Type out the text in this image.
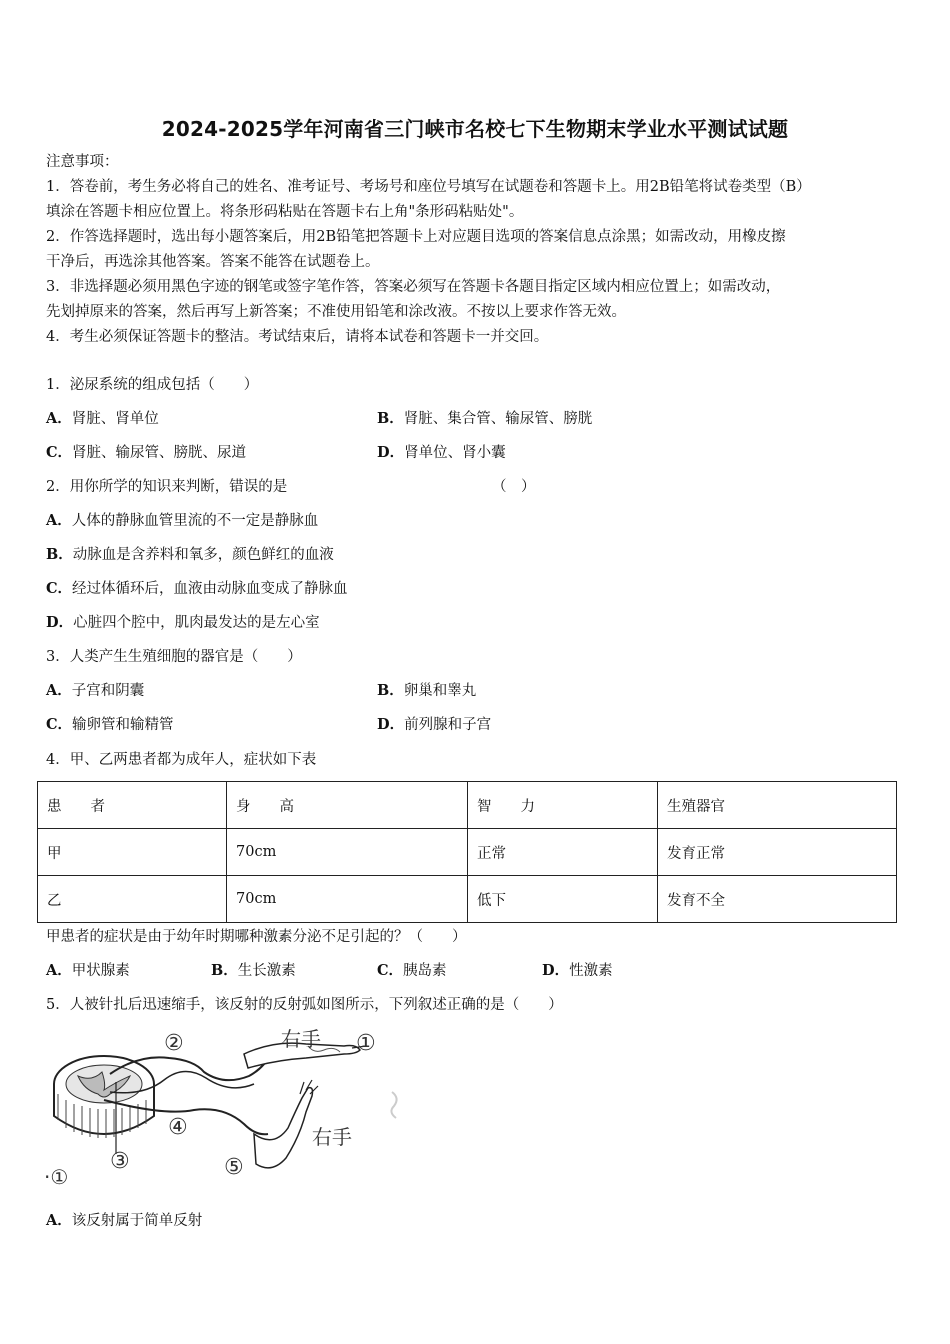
2024-2025学年河南省三门峡市名校七下生物期末学业水平测试试题
注意事项：
1．答卷前，考生务必将自己的姓名、准考证号、考场号和座位号填写在试题卷和答题卡上。用2B铅笔将试卷类型（B）
填涂在答题卡相应位置上。将条形码粘贴在答题卡右上角"条形码粘贴处"。
2．作答选择题时，选出每小题答案后，用2B铅笔把答题卡上对应题目选项的答案信息点涂黑；如需改动，用橡皮擦
干净后，再选涂其他答案。答案不能答在试题卷上。
3．非选择题必须用黑色字迹的钢笔或签字笔作答，答案必须写在答题卡各题目指定区域内相应位置上；如需改动，
先划掉原来的答案，然后再写上新答案；不准使用铅笔和涂改液。不按以上要求作答无效。
4．考生必须保证答题卡的整洁。考试结束后，请将本试卷和答题卡一并交回。
1．泌尿系统的组成包括（　　）
A．肾脏、肾单位	B．肾脏、集合管、输尿管、膀胱
C．肾脏、输尿管、膀胱、尿道	D．肾单位、肾小囊
2．用你所学的知识来判断，错误的是	（　）
A．人体的静脉血管里流的不一定是静脉血
B．动脉血是含养料和氧多，颜色鲜红的血液
C．经过体循环后，血液由动脉血变成了静脉血
D．心脏四个腔中，肌肉最发达的是左心室
3．人类产生生殖细胞的器官是（　　）
A．子宫和阴囊	B．卵巢和睾丸
C．输卵管和输精管	D．前列腺和子宫
4．甲、乙两患者都为成年人，症状如下表
患　　者	身　　高	智　　力	生殖器官
甲	70cm	正常	发育正常
乙	70cm	低下	发育不全
甲患者的症状是由于幼年时期哪种激素分泌不足引起的？（　　）
A．甲状腺素	B．生长激素	C．胰岛素	D．性激素
5．人被针扎后迅速缩手，该反射的反射弧如图所示，下列叙述正确的是（　　）
右手
右手
①
②
③
④
⑤
·①
A．该反射属于简单反射
